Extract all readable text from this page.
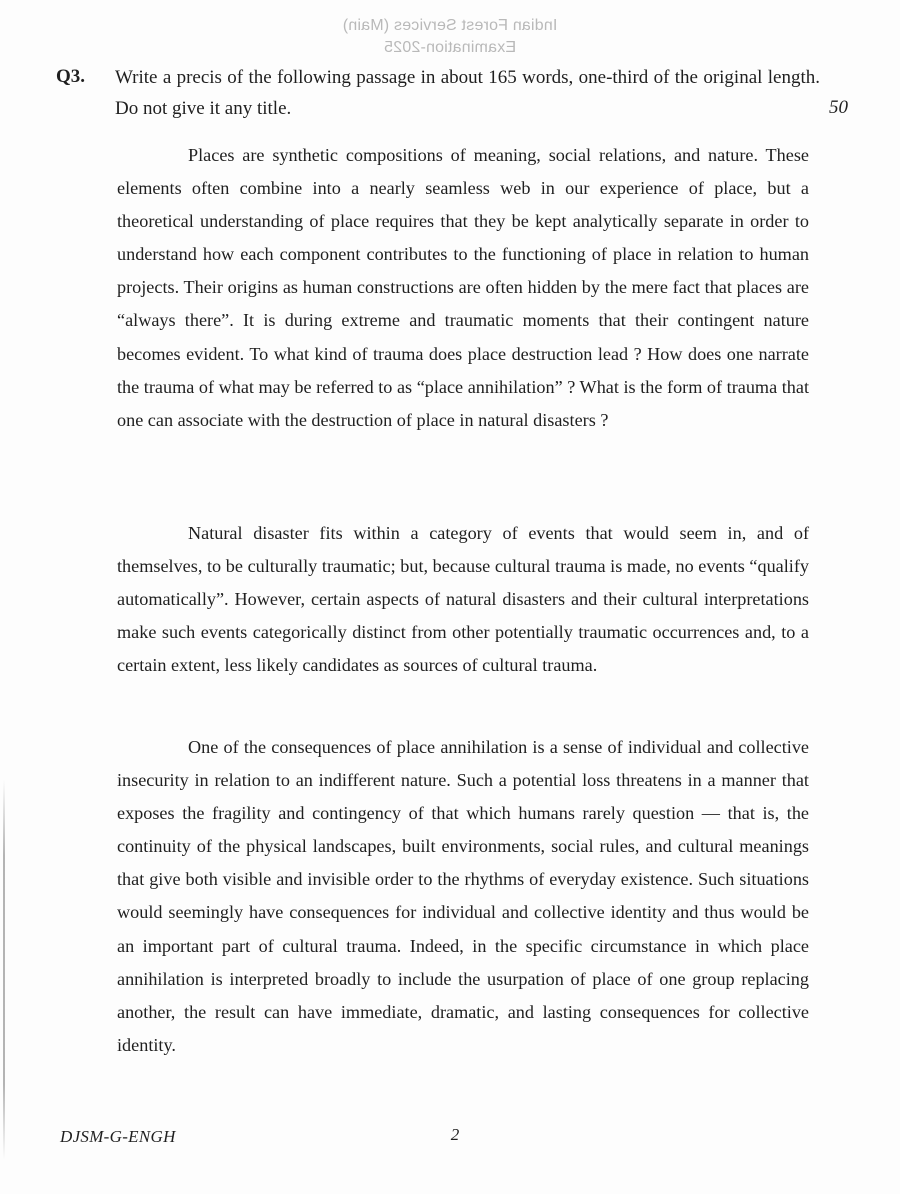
Indian Forest Services (Main)
Examination-2025
Q3. Write a precis of the following passage in about 165 words, one-third of the original length. Do not give it any title.	50

Places are synthetic compositions of meaning, social relations, and nature. These elements often combine into a nearly seamless web in our experience of place, but a theoretical understanding of place requires that they be kept analytically separate in order to understand how each component contributes to the functioning of place in relation to human projects. Their origins as human constructions are often hidden by the mere fact that places are “always there”. It is during extreme and traumatic moments that their contingent nature becomes evident. To what kind of trauma does place destruction lead ? How does one narrate the trauma of what may be referred to as “place annihilation” ? What is the form of trauma that one can associate with the destruction of place in natural disasters ?

Natural disaster fits within a category of events that would seem in, and of themselves, to be culturally traumatic; but, because cultural trauma is made, no events “qualify automatically”. However, certain aspects of natural disasters and their cultural interpretations make such events categorically distinct from other potentially traumatic occurrences and, to a certain extent, less likely candidates as sources of cultural trauma.

One of the consequences of place annihilation is a sense of individual and collective insecurity in relation to an indifferent nature. Such a potential loss threatens in a manner that exposes the fragility and contingency of that which humans rarely question — that is, the continuity of the physical landscapes, built environments, social rules, and cultural meanings that give both visible and invisible order to the rhythms of everyday existence. Such situations would seemingly have consequences for individual and collective identity and thus would be an important part of cultural trauma. Indeed, in the specific circumstance in which place annihilation is interpreted broadly to include the usurpation of place of one group replacing another, the result can have immediate, dramatic, and lasting consequences for collective identity.

DJSM-G-ENGH	2
